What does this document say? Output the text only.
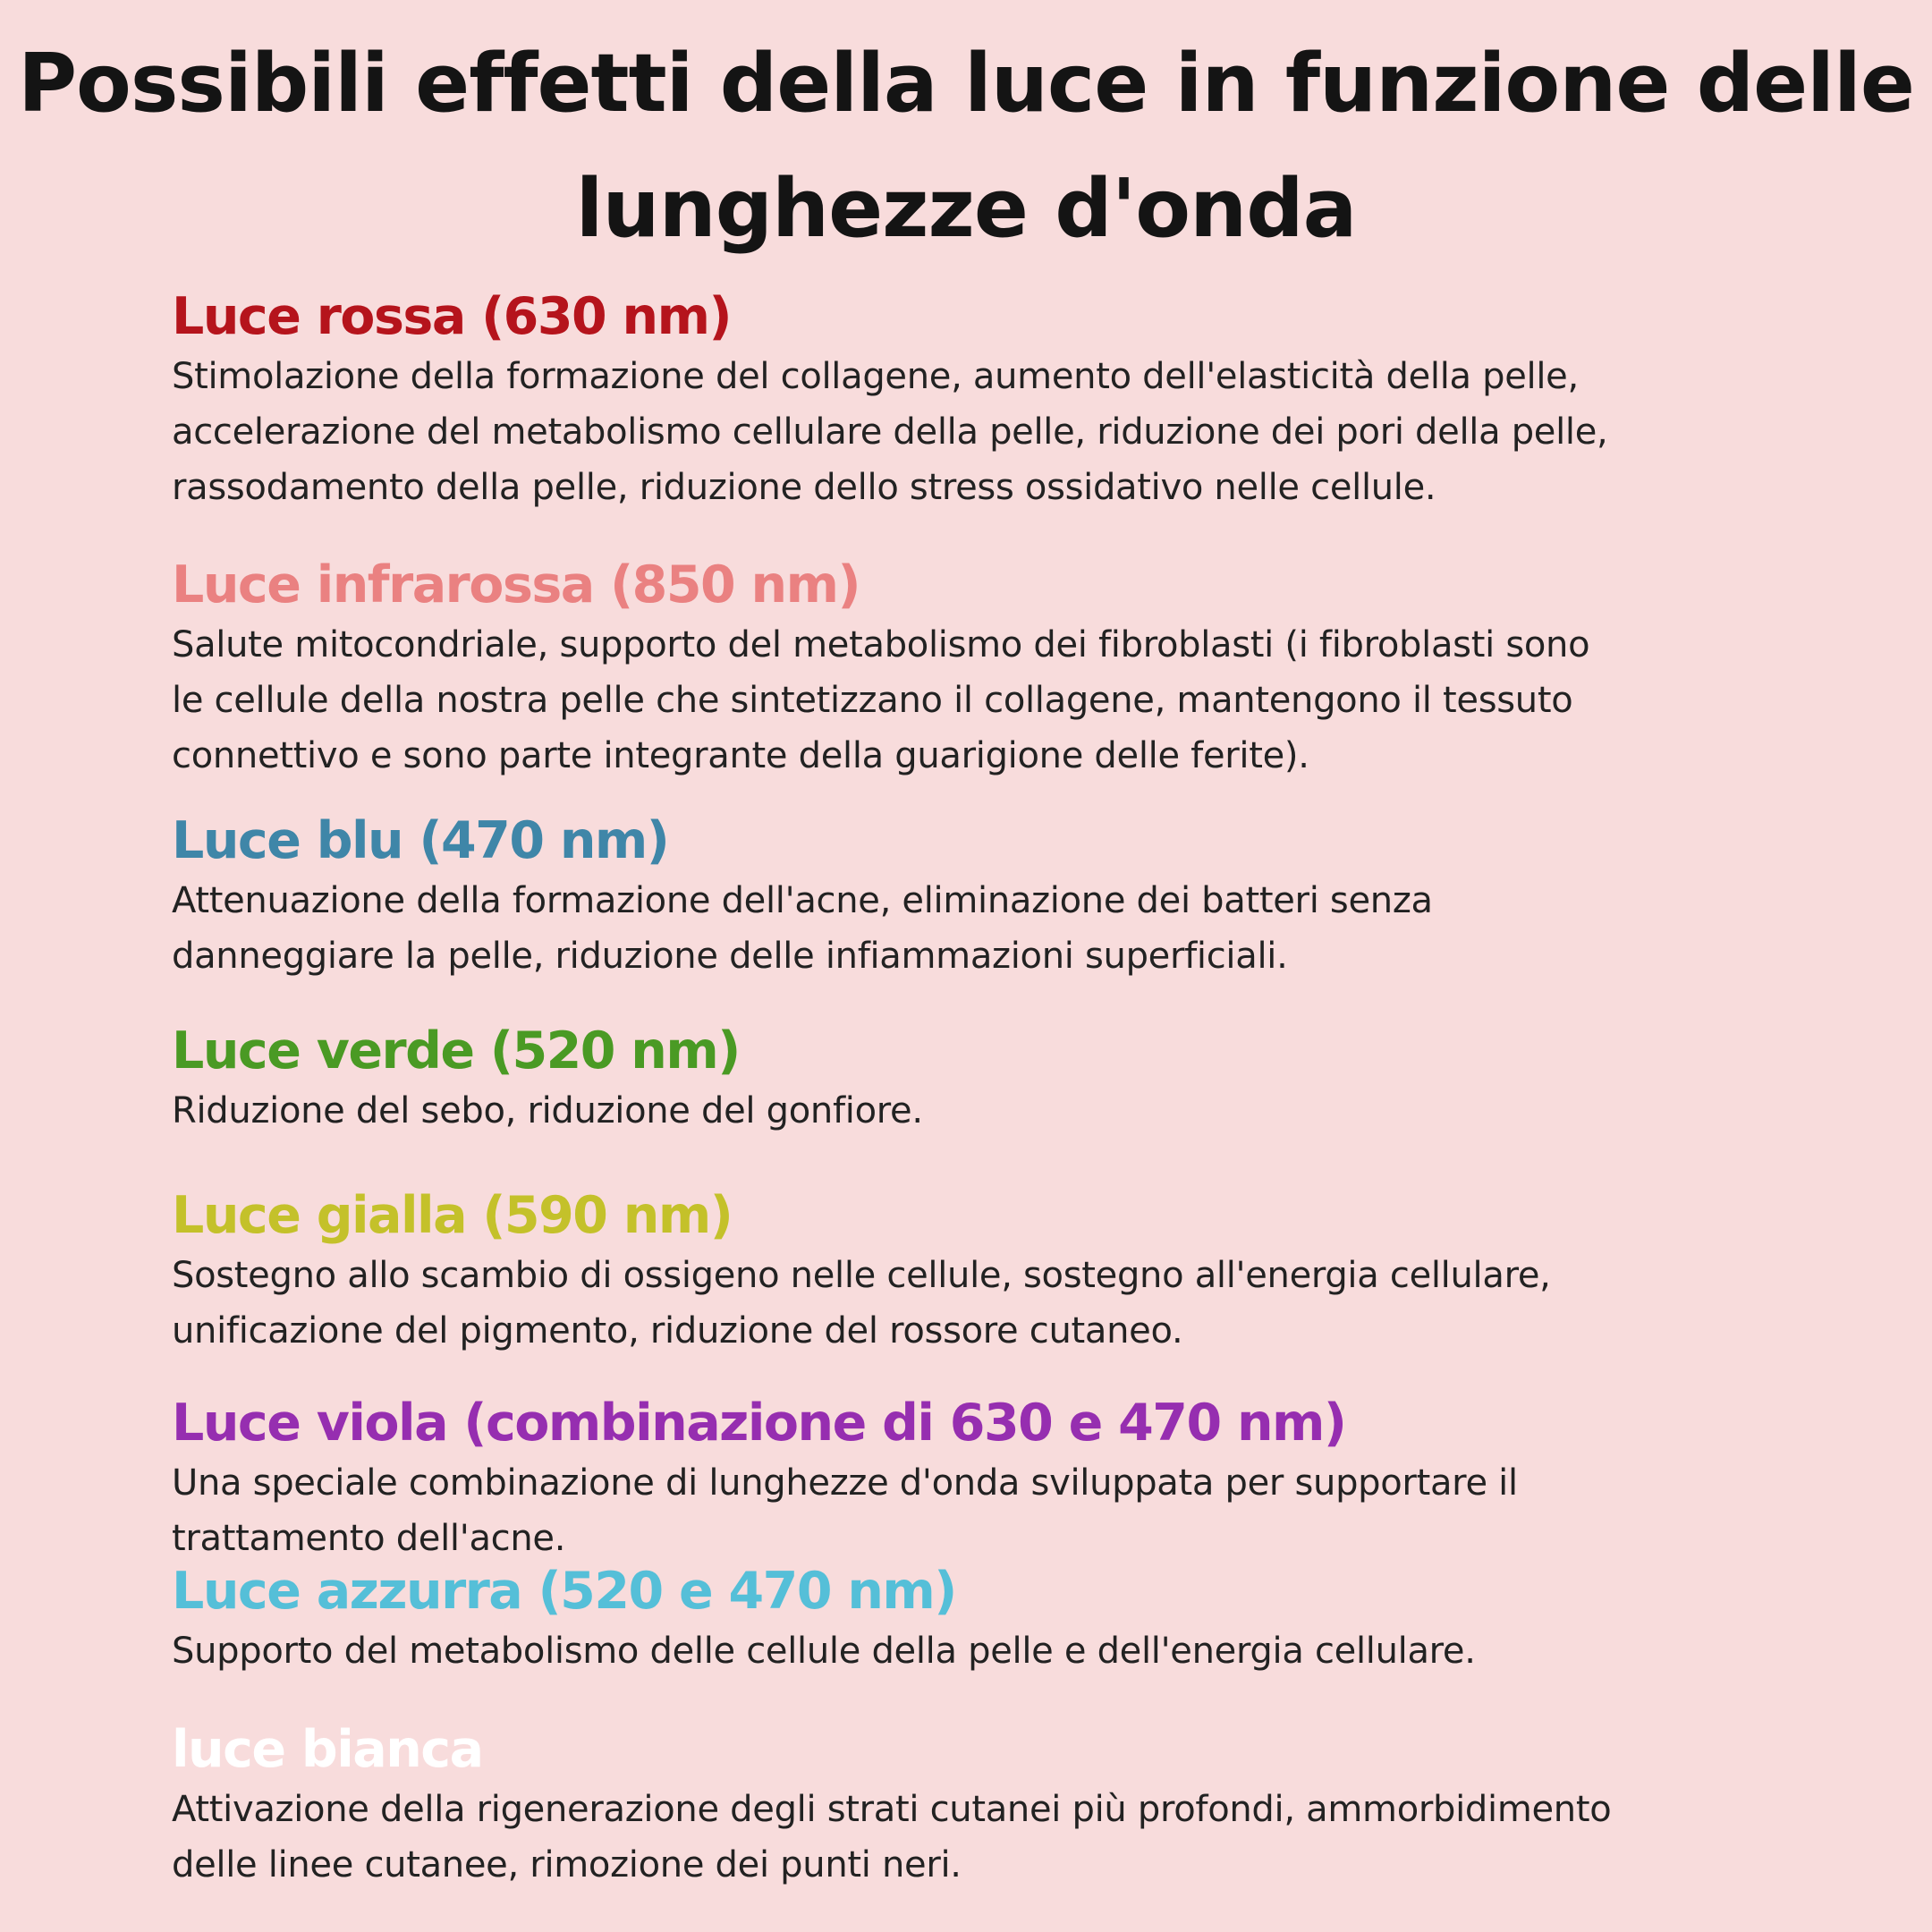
Possibili effetti della luce in funzione delle
lunghezze d'onda
Luce rossa (630 nm)

Stimolazione della formazione del collagene, aumento dell'elasticità della pelle,
accelerazione del metabolismo cellulare della pelle, riduzione dei pori della pelle,
rassodamento della pelle, riduzione dello stress ossidativo nelle cellule.

Luce infrarossa (850 nm)

Salute mitocondriale, supporto del metabolismo dei fibroblasti (i fibroblasti sono
le cellule della nostra pelle che sintetizzano il collagene, mantengono il tessuto
connettivo e sono parte integrante della guarigione delle ferite).

Luce blu (470 nm)

Attenuazione della formazione dell'acne, eliminazione dei batteri senza
danneggiare la pelle, riduzione delle infiammazioni superficiali.

Luce verde (520 nm)

Riduzione del sebo, riduzione del gonfiore.

Luce gialla (590 nm)

Sostegno allo scambio di ossigeno nelle cellule, sostegno all'energia cellulare,
unificazione del pigmento, riduzione del rossore cutaneo.

Luce viola (combinazione di 630 e 470 nm)

Una speciale combinazione di lunghezze d'onda sviluppata per supportare il
trattamento dell'acne.

Luce azzurra (520 e 470 nm)

Supporto del metabolismo delle cellule della pelle e dell'energia cellulare.

luce bianca

Attivazione della rigenerazione degli strati cutanei più profondi, ammorbidimento
delle linee cutanee, rimozione dei punti neri.
